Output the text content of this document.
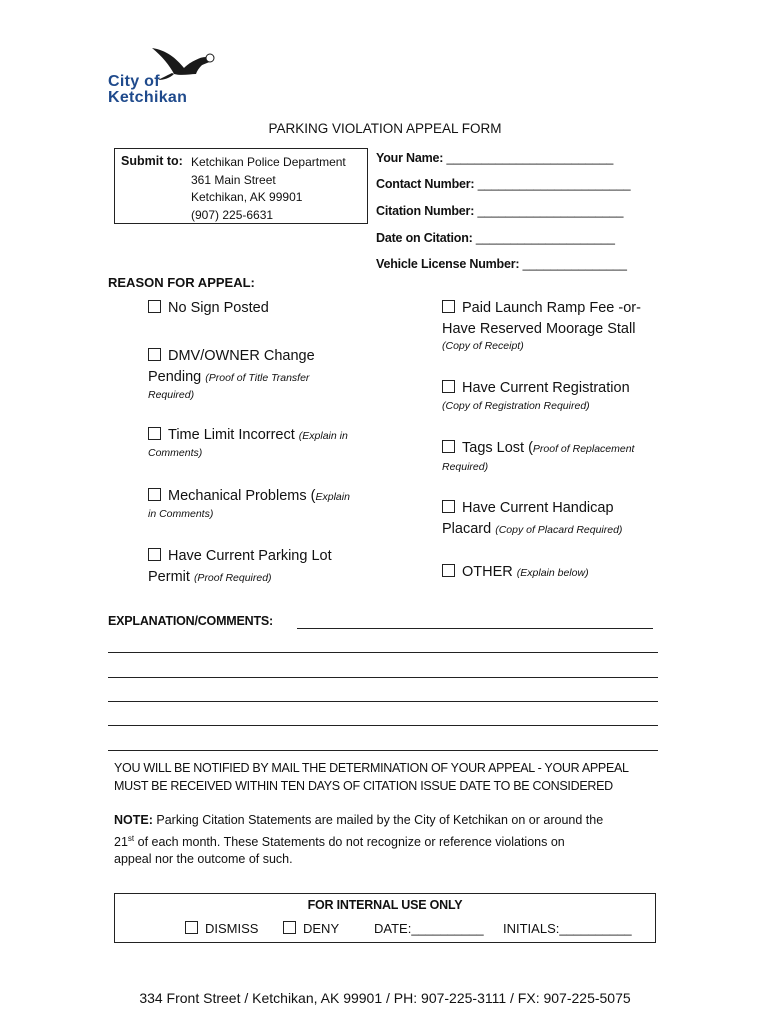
City of
Ketchikan
PARKING VIOLATION APPEAL FORM
Submit to: Ketchikan Police Department
361 Main Street
Ketchikan, AK 99901
(907) 225-6631
Your Name: ________________________
Contact Number: ______________________
Citation Number: _____________________
Date on Citation: ____________________
Vehicle License Number: _______________
REASON FOR APPEAL:
No Sign Posted
DMV/OWNER Change
Pending (Proof of Title Transfer
Required)
Time Limit Incorrect (Explain in
Comments)
Mechanical Problems (Explain
in Comments)
Have Current Parking Lot
Permit (Proof Required)
Paid Launch Ramp Fee -or-
Have Reserved Moorage Stall
(Copy of Receipt)
Have Current Registration
(Copy of Registration Required)
Tags Lost (Proof of Replacement
Required)
Have Current Handicap
Placard (Copy of Placard Required)
OTHER (Explain below)
EXPLANATION/COMMENTS:
YOU WILL BE NOTIFIED BY MAIL THE DETERMINATION OF YOUR APPEAL - YOUR APPEAL
MUST BE RECEIVED WITHIN TEN DAYS OF CITATION ISSUE DATE TO BE CONSIDERED
NOTE: Parking Citation Statements are mailed by the City of Ketchikan on or around the
21st of each month. These Statements do not recognize or reference violations on
appeal nor the outcome of such.
FOR INTERNAL USE ONLY
DISMISS	DENY	DATE:__________ INITIALS:__________
334 Front Street / Ketchikan, AK 99901 / PH: 907-225-3111 / FX: 907-225-5075
